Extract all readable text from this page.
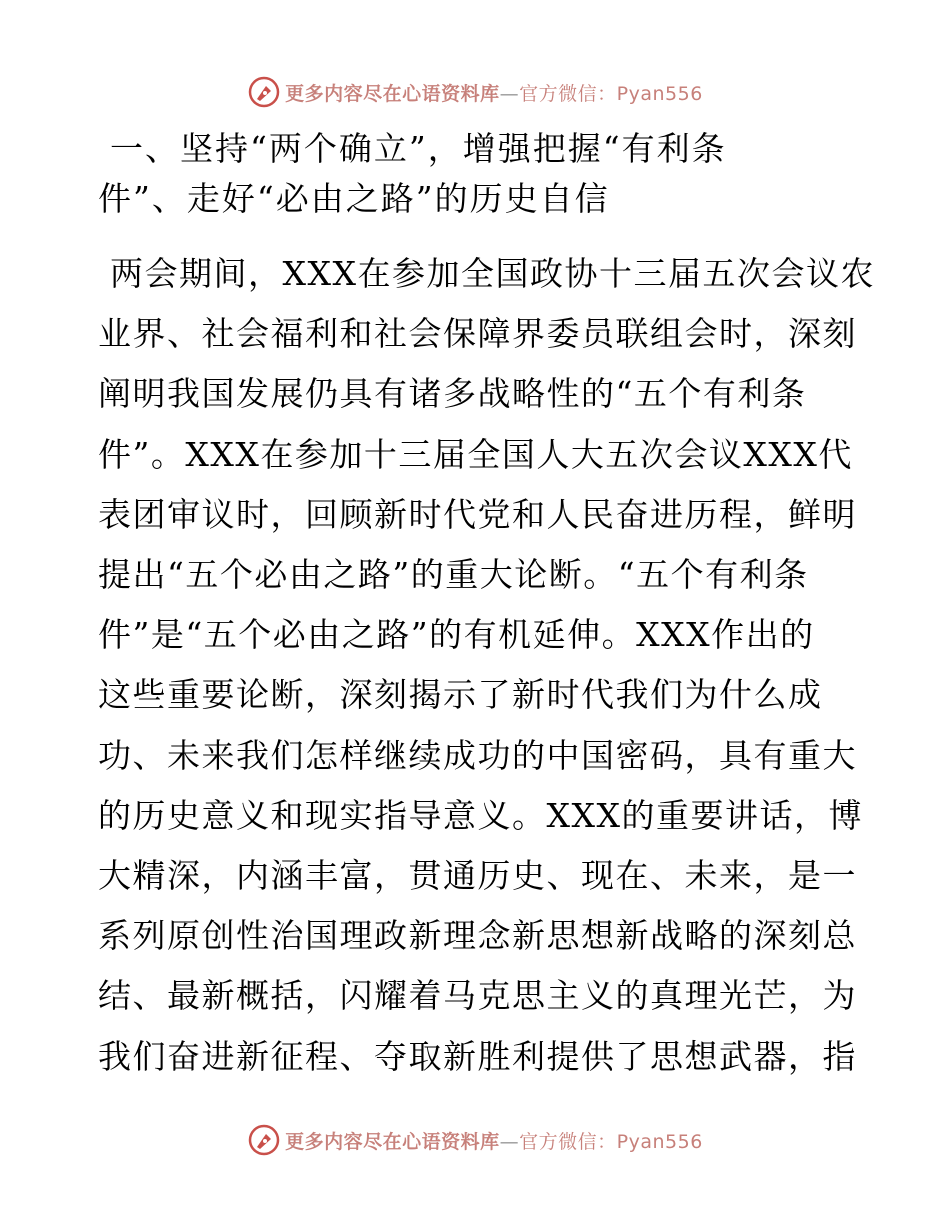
更多内容尽在心语资料库—官方微信：Pyan556
一、坚持“两个确立”，增强把握“有利条
件”、走好“必由之路”的历史自信
两会期间，XXX在参加全国政协十三届五次会议农
业界、社会福利和社会保障界委员联组会时，深刻
阐明我国发展仍具有诸多战略性的“五个有利条
件”。XXX在参加十三届全国人大五次会议XXX代
表团审议时，回顾新时代党和人民奋进历程，鲜明
提出“五个必由之路”的重大论断。“五个有利条
件”是“五个必由之路”的有机延伸。XXX作出的
这些重要论断，深刻揭示了新时代我们为什么成
功、未来我们怎样继续成功的中国密码，具有重大
的历史意义和现实指导意义。XXX的重要讲话，博
大精深，内涵丰富，贯通历史、现在、未来，是一
系列原创性治国理政新理念新思想新战略的深刻总
结、最新概括，闪耀着马克思主义的真理光芒，为
我们奋进新征程、夺取新胜利提供了思想武器，指
更多内容尽在心语资料库—官方微信：Pyan556
